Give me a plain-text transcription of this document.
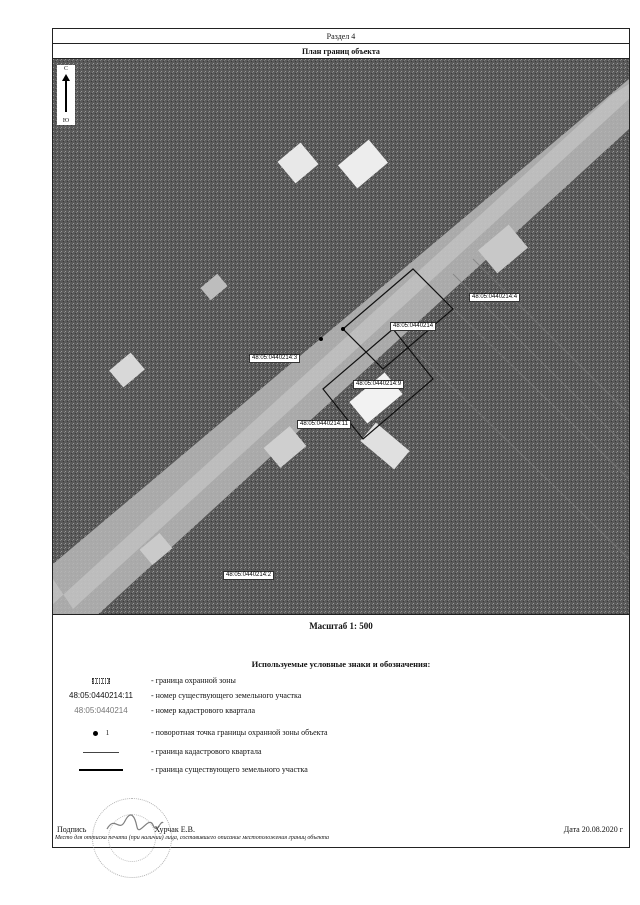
Раздел 4
План границ объекта
С
Ю
48:05:0440214:4
48:05:0440214
48:05:0440214:3
48:05:0440214:9
48:05:0440214:11
48:05:0440214:2
Масштаб 1: 500
Используемые условные знаки и обозначения:
- граница охранной зоны
48:05:0440214:11	- номер существующего земельного участка
48:05:0440214	- номер кадастрового квартала
1	- поворотная точка границы охранной зоны объекта
- граница кадастрового квартала
- граница существующего земельного участка
Подпись	Хурчак Е.В.	Дата 20.08.2020 г
Место для оттиска печати (при наличии) лица, составившего описание местоположения границ объекта
